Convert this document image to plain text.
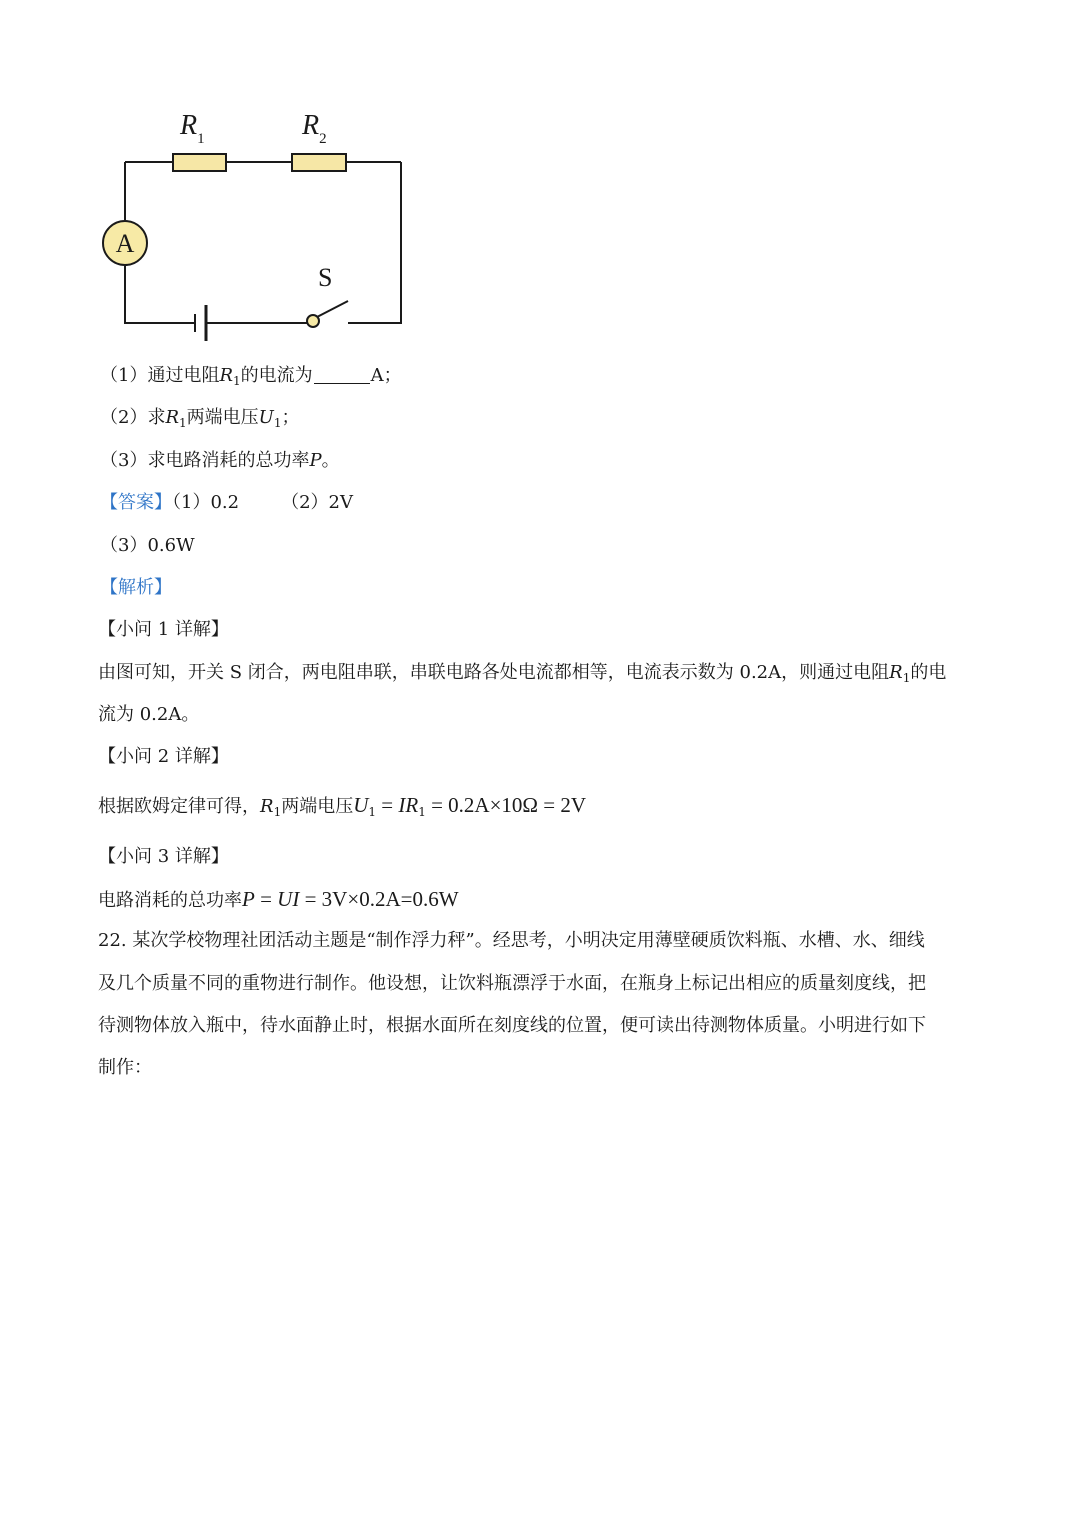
$R_1$	$R_2$
A
S
（1）通过电阻$R_1$的电流为	A；
（2）求$R_1$两端电压$U_1$；
（3）求电路消耗的总功率P。
【答案】（1）0.2 （2）2V
（3）0.6W
【解析】
【小问 1 详解】
由图可知，开关 S 闭合，两电阻串联，串联电路各处电流都相等，电流表示数为 0.2A，则通过电阻$R_1$的电
流为 0.2A。
【小问 2 详解】
根据欧姆定律可得，$R_1$两端电压$U_1 = IR_1 = 0.2A\times 10\Omega = 2V$
【小问 3 详解】
电路消耗的总功率P = UI = 3V×0.2A=0.6W
22. 某次学校物理社团活动主题是“制作浮力秤”。经思考，小明决定用薄壁硬质饮料瓶、水槽、水、细线
及几个质量不同的重物进行制作。他设想，让饮料瓶漂浮于水面，在瓶身上标记出相应的质量刻度线，把
待测物体放入瓶中，待水面静止时，根据水面所在刻度线的位置，便可读出待测物体质量。小明进行如下
制作：
